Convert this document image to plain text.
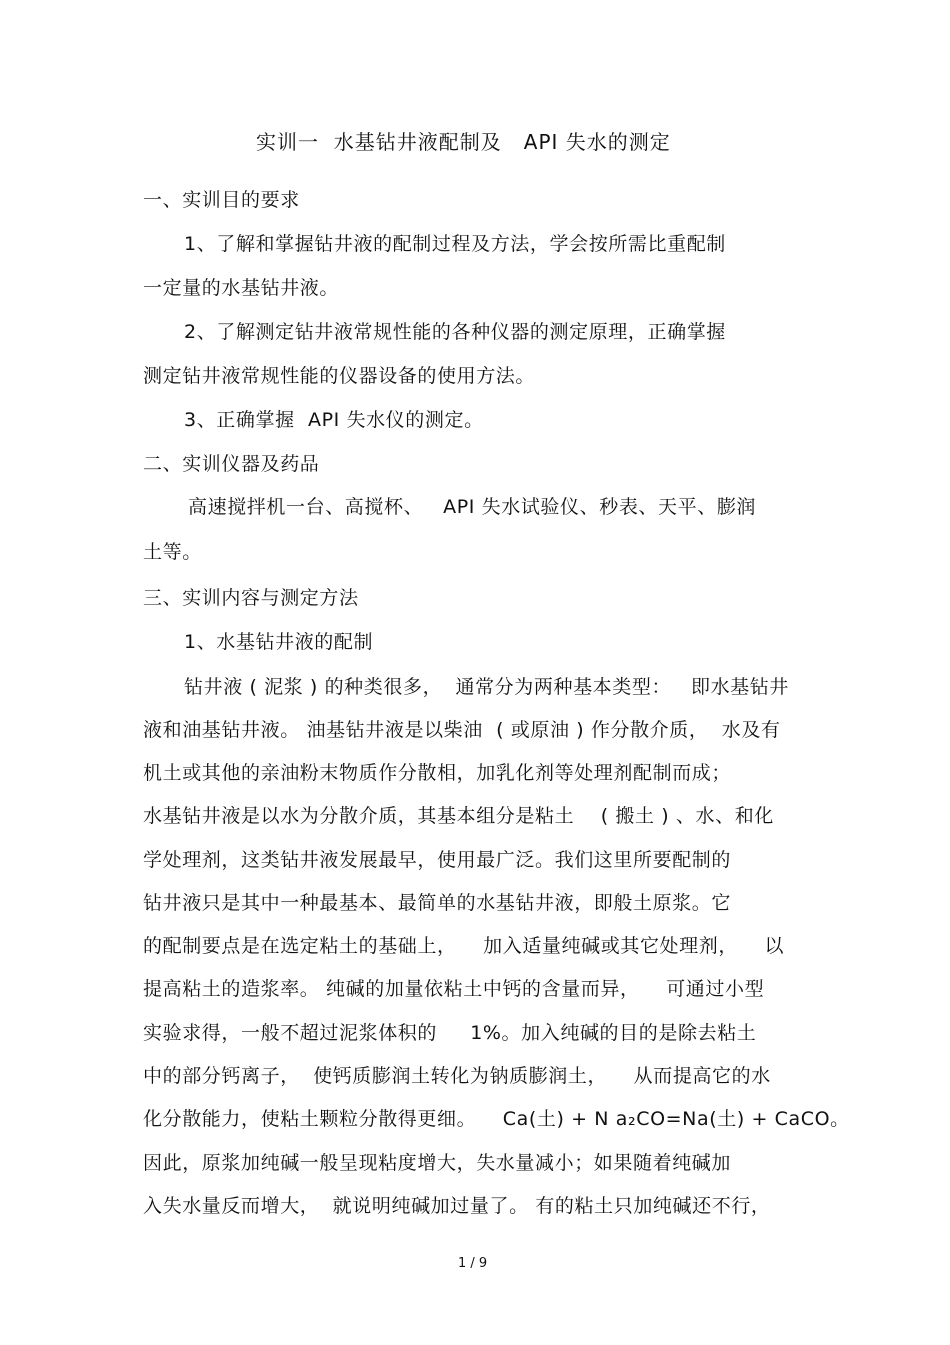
实训一  水基钻井液配制及   API 失水的测定
一、实训目的要求
1、了解和掌握钻井液的配制过程及方法，学会按所需比重配制
一定量的水基钻井液。
2、了解测定钻井液常规性能的各种仪器的测定原理，正确掌握
测定钻井液常规性能的仪器设备的使用方法。
3、正确掌握  API 失水仪的测定。
二、实训仪器及药品
高速搅拌机一台、高搅杯、   API 失水试验仪、秒表、天平、膨润
土等。
三、实训内容与测定方法
1、水基钻井液的配制
钻井液 ( 泥浆 ) 的种类很多，  通常分为两种基本类型：   即水基钻井
液和油基钻井液。 油基钻井液是以柴油  ( 或原油 ) 作分散介质，  水及有
机土或其他的亲油粉末物质作分散相，加乳化剂等处理剂配制而成；
水基钻井液是以水为分散介质，其基本组分是粘土    ( 搬土 ) 、水、和化
学处理剂，这类钻井液发展最早，使用最广泛。我们这里所要配制的
钻井液只是其中一种最基本、最简单的水基钻井液，即般土原浆。它
的配制要点是在选定粘土的基础上，    加入适量纯碱或其它处理剂，    以
提高粘土的造浆率。 纯碱的加量依粘土中钙的含量而异，    可通过小型
实验求得，一般不超过泥浆体积的     1%。加入纯碱的目的是除去粘土
中的部分钙离子，  使钙质膨润土转化为钠质膨润土，    从而提高它的水
化分散能力，使粘土颗粒分散得更细。    Ca(土) + N a₂CO=Na(土) + CaCO。
因此，原浆加纯碱一般呈现粘度增大，失水量减小；如果随着纯碱加
入失水量反而增大，  就说明纯碱加过量了。 有的粘土只加纯碱还不行，
1 / 9
